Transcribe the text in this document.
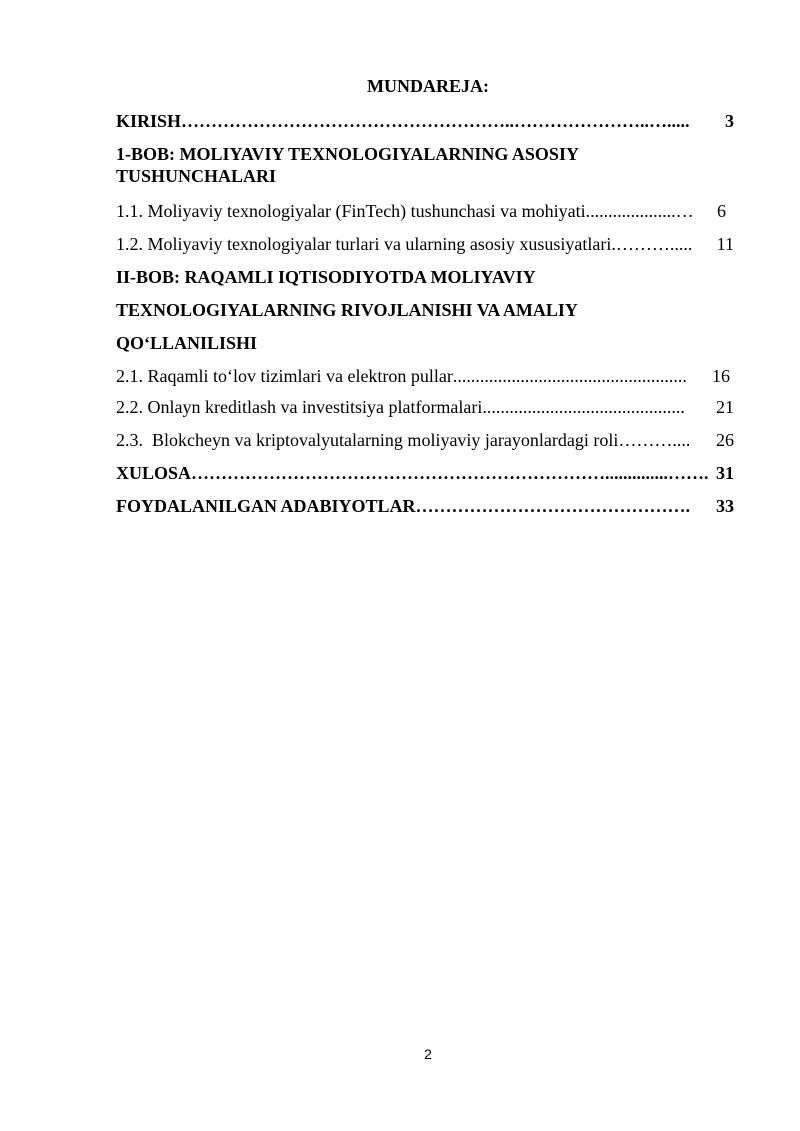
MUNDAREJA:
KIRISH ………………………………………………..…………………..….....	3
1-BOB: MOLIYAVIY TEXNOLOGIYALARNING ASOSIY TUSHUNCHALARI
1.1. Moliyaviy texnologiyalar (FinTech) tushunchasi va mohiyati ....................…	6
1.2. Moliyaviy texnologiyalar turlari va ularning asosiy xususiyatlari .……….....	11
II-BOB: RAQAMLI IQTISODIYOTDA MOLIYAVIY
TEXNOLOGIYALARNING RIVOJLANISHI VA AMALIY
QO‘LLANILISHI
2.1. Raqamli to‘lov tizimlari va elektron pullar ....................................................	16
2.2. Onlayn kreditlash va investitsiya platformalari .............................................	21
2.3.  Blokcheyn va kriptovalyutalarning moliyaviy jarayonlardagi roli ………....	26
XULOSA ……………………………………………………………..............……. 31
FOYDALANILGAN ADABIYOTLAR ……………………………………….	33
2
